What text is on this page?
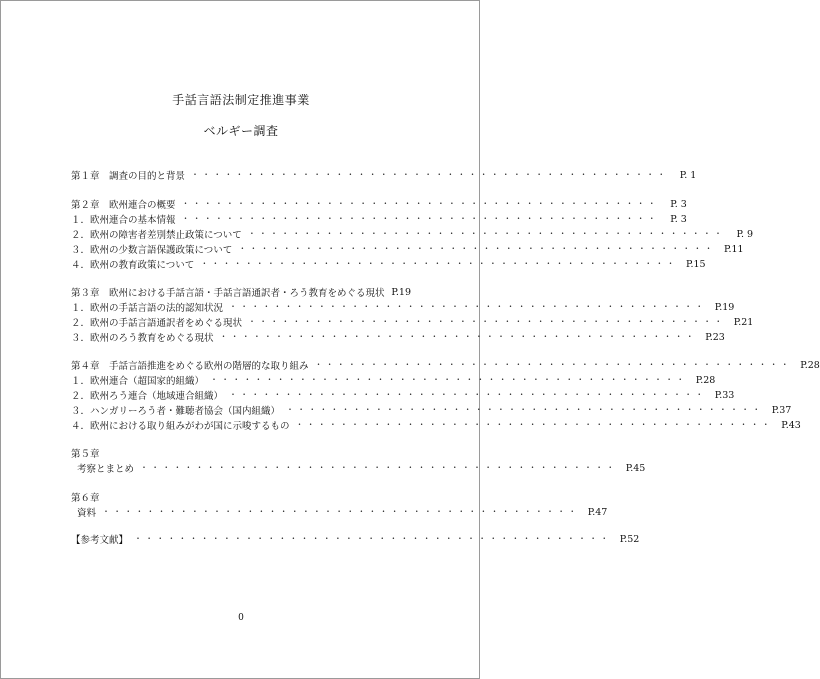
手話言語法制定推進事業
ベルギー調査
第１章　調査の目的と背景 ・・・・・・・・・・・・・・・・・・・・・・・・・・・・・・・・・・・・・・・・・・・	P. 1
第２章　欧州連合の概要 ・・・・・・・・・・・・・・・・・・・・・・・・・・・・・・・・・・・・・・・・・・・	P. 3
１．欧州連合の基本情報 ・・・・・・・・・・・・・・・・・・・・・・・・・・・・・・・・・・・・・・・・・・・	P. 3
２．欧州の障害者差別禁止政策について ・・・・・・・・・・・・・・・・・・・・・・・・・・・・・・・・・・・・・・・・・・・	P. 9
３．欧州の少数言語保護政策について ・・・・・・・・・・・・・・・・・・・・・・・・・・・・・・・・・・・・・・・・・・・ P.11
４．欧州の教育政策について ・・・・・・・・・・・・・・・・・・・・・・・・・・・・・・・・・・・・・・・・・・・ P.15
第３章　欧州における手話言語・手話言語通訳者・ろう教育をめぐる現状 P.19
１．欧州の手話言語の法的認知状況 ・・・・・・・・・・・・・・・・・・・・・・・・・・・・・・・・・・・・・・・・・・・ P.19
２．欧州の手話言語通訳者をめぐる現状 ・・・・・・・・・・・・・・・・・・・・・・・・・・・・・・・・・・・・・・・・・・・ P.21
３．欧州のろう教育をめぐる現状 ・・・・・・・・・・・・・・・・・・・・・・・・・・・・・・・・・・・・・・・・・・・ P.23
第４章　手話言語推進をめぐる欧州の階層的な取り組み ・・・・・・・・・・・・・・・・・・・・・・・・・・・・・・・・・・・・・・・・・・・ P.28
１．欧州連合（超国家的組織） ・・・・・・・・・・・・・・・・・・・・・・・・・・・・・・・・・・・・・・・・・・・ P.28
２．欧州ろう連合（地域連合組織） ・・・・・・・・・・・・・・・・・・・・・・・・・・・・・・・・・・・・・・・・・・・ P.33
３．ハンガリーろう者・難聴者協会（国内組織） ・・・・・・・・・・・・・・・・・・・・・・・・・・・・・・・・・・・・・・・・・・・ P.37
４．欧州における取り組みがわが国に示唆するもの ・・・・・・・・・・・・・・・・・・・・・・・・・・・・・・・・・・・・・・・・・・・ P.43
第５章
考察とまとめ ・・・・・・・・・・・・・・・・・・・・・・・・・・・・・・・・・・・・・・・・・・・ P.45
第６章
資料 ・・・・・・・・・・・・・・・・・・・・・・・・・・・・・・・・・・・・・・・・・・・ P.47
【参考文献】 ・・・・・・・・・・・・・・・・・・・・・・・・・・・・・・・・・・・・・・・・・・・ P.52
0
